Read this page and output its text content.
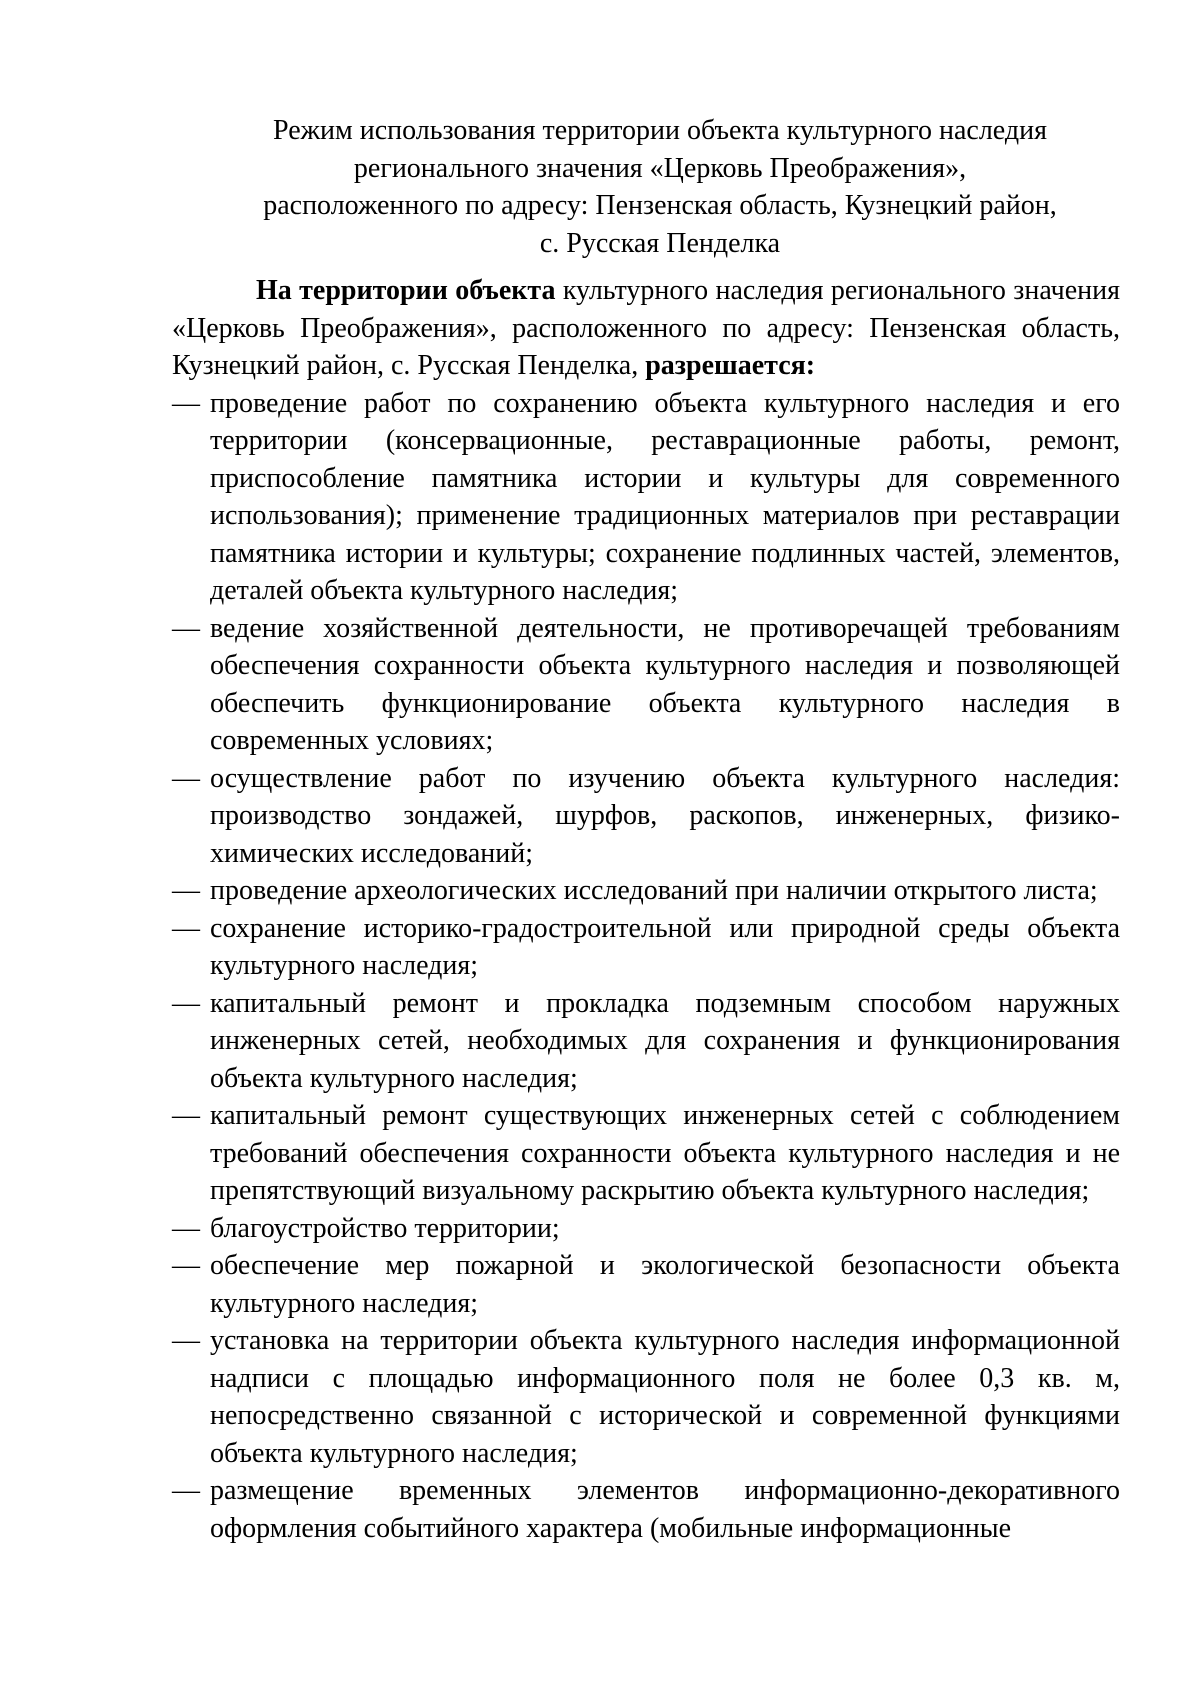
Режим использования территории объекта культурного наследия
регионального значения «Церковь Преображения»,
расположенного по адресу: Пензенская область, Кузнецкий район,
с. Русская Пенделка

На территории объекта культурного наследия регионального значения «Церковь Преображения», расположенного по адресу: Пензенская область, Кузнецкий район, с. Русская Пенделка, разрешается:

— проведение работ по сохранению объекта культурного наследия и его территории (консервационные, реставрационные работы, ремонт, приспособление памятника истории и культуры для современного использования); применение традиционных материалов при реставрации памятника истории и культуры; сохранение подлинных частей, элементов, деталей объекта культурного наследия;
— ведение хозяйственной деятельности, не противоречащей требованиям обеспечения сохранности объекта культурного наследия и позволяющей обеспечить функционирование объекта культурного наследия в современных условиях;
— осуществление работ по изучению объекта культурного наследия: производство зондажей, шурфов, раскопов, инженерных, физико-химических исследований;
— проведение археологических исследований при наличии открытого листа;
— сохранение историко-градостроительной или природной среды объекта культурного наследия;
— капитальный ремонт и прокладка подземным способом наружных инженерных сетей, необходимых для сохранения и функционирования объекта культурного наследия;
— капитальный ремонт существующих инженерных сетей с соблюдением требований обеспечения сохранности объекта культурного наследия и не препятствующий визуальному раскрытию объекта культурного наследия;
— благоустройство территории;
— обеспечение мер пожарной и экологической безопасности объекта культурного наследия;
— установка на территории объекта культурного наследия информационной надписи с площадью информационного поля не более 0,3 кв. м, непосредственно связанной с исторической и современной функциями объекта культурного наследия;
— размещение временных элементов информационно-декоративного оформления событийного характера (мобильные информационные
